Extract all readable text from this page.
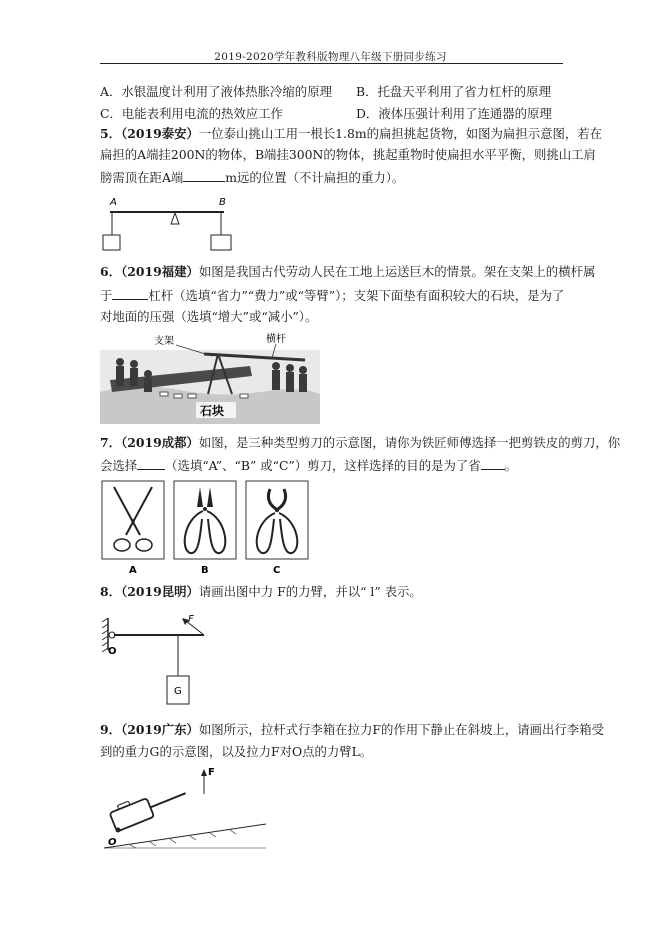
2019-2020学年教科版物理八年级下册同步练习
A．水银温度计利用了液体热胀冷缩的原理 B．托盘天平利用了省力杠杆的原理
C．电能表利用电流的热效应工作	D．液体压强计利用了连通器的原理
5．（2019泰安）一位泰山挑山工用一根长1.8m的扁担挑起货物，如图为扁担示意图，若在
扁担的A端挂200N的物体，B端挂300N的物体，挑起重物时使扁担水平平衡，则挑山工肩
膀需顶在距A端	m远的位置（不计扁担的重力）。
A	B
6．（2019福建）如图是我国古代劳动人民在工地上运送巨木的情景。架在支架上的横杆属
于	杠杆（选填“省力”“费力”或“等臂”）；支架下面垫有面积较大的石块，是为了
对地面的压强（选填“增大”或“减小”）。
石块
支架	横杆
7．（2019成都）如图，是三种类型剪刀的示意图，请你为铁匠师傅选择一把剪铁皮的剪刀，你
会选择 （选填“A”、“B” 或“C”）剪刀，这样选择的目的是为了省 。
A	B	C
8．（2019昆明）请画出图中力 F的力臂，并以“ l” 表示。
O
F
G
9．（2019广东）如图所示，拉杆式行李箱在拉力F的作用下静止在斜坡上，请画出行李箱受
到的重力G的示意图，以及拉力F对O点的力臂L。
O
F
